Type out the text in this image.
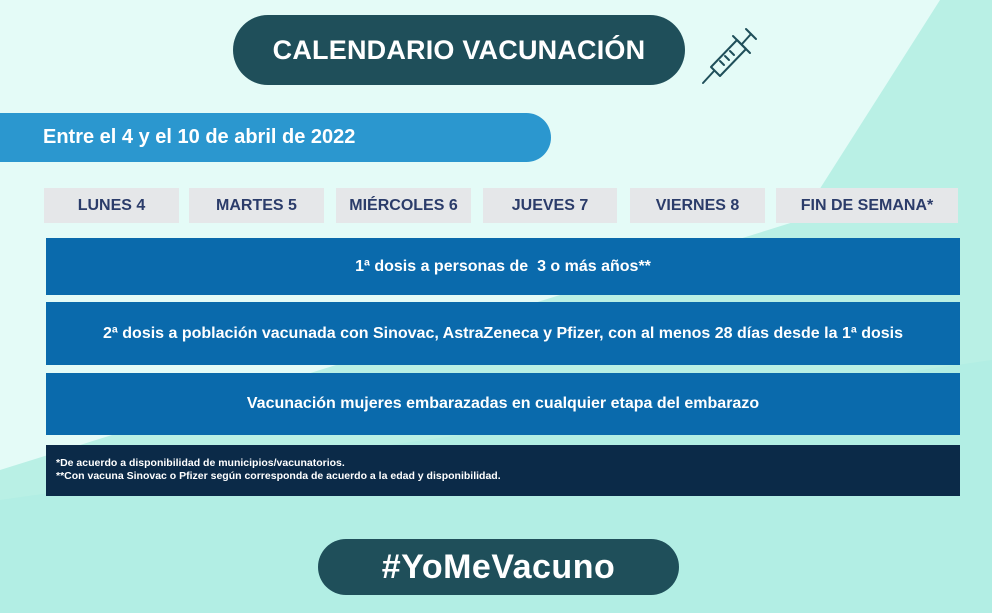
CALENDARIO VACUNACIÓN
Entre el 4 y el 10 de abril de 2022
LUNES 4	MARTES 5	MIÉRCOLES 6	JUEVES 7	VIERNES 8	FIN DE SEMANA*
1ª dosis a personas de  3 o más años**
2ª dosis a población vacunada con Sinovac, AstraZeneca y Pfizer, con al menos 28 días desde la 1ª dosis
Vacunación mujeres embarazadas en cualquier etapa del embarazo
*De acuerdo a disponibilidad de municipios/vacunatorios.
**Con vacuna Sinovac o Pfizer según corresponda de acuerdo a la edad y disponibilidad.
#YoMeVacuno
